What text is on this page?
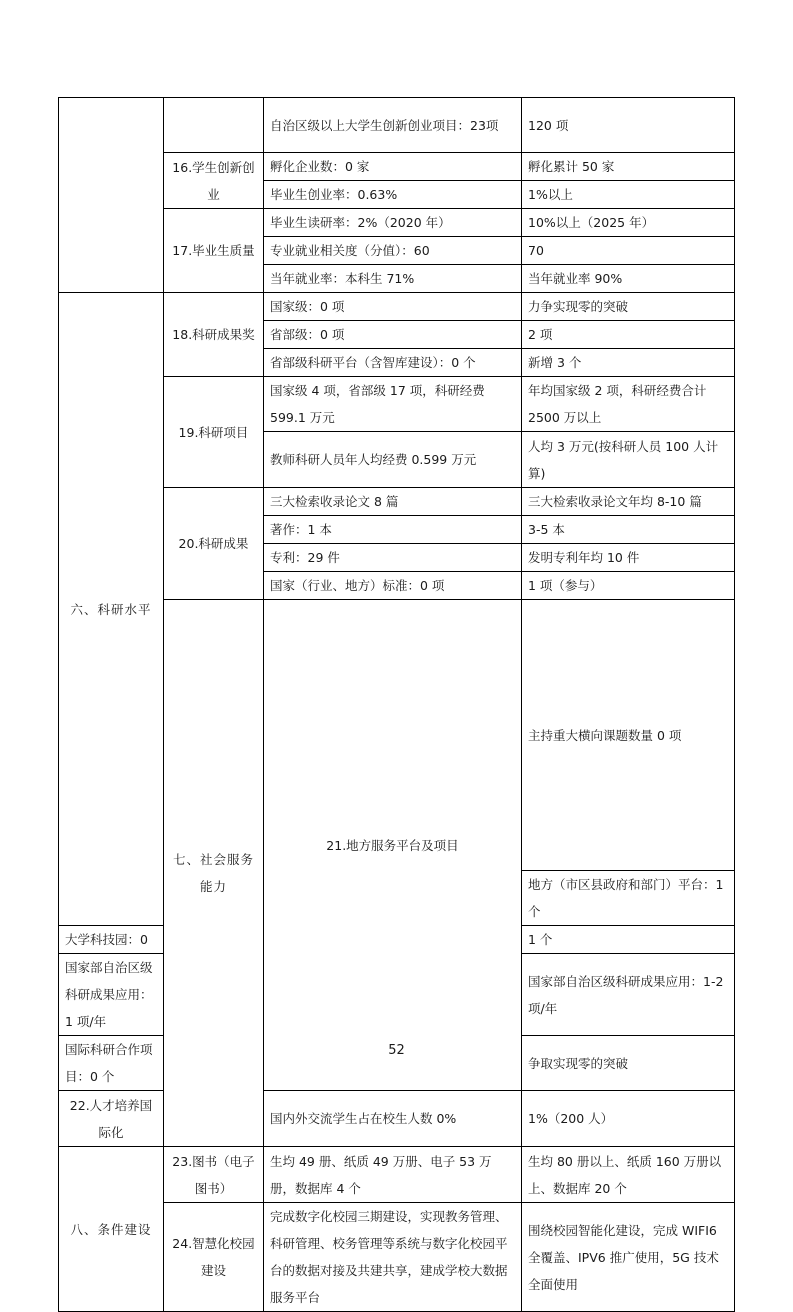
		自治区级以上大学生创新创业项目：23项	120 项	
	16.学生创新创业	孵化企业数：0 家	孵化累计 50 家	
		毕业生创业率：0.63%	1%以上	
	17.毕业生质量	毕业生读研率：2%（2020 年）	10%以上（2025 年）	
		专业就业相关度（分值）：60	70	
		当年就业率：本科生 71%	当年就业率 90%	
六、科研水平	18.科研成果奖	国家级：0 项	力争实现零的突破	
		省部级：0 项	2 项	
		省部级科研平台（含智库建设）：0 个	新增 3 个	
	19.科研项目	国家级 4 项，省部级 17 项，科研经费 599.1 万元	年均国家级 2 项，科研经费合计 2500 万以上	
		教师科研人员年人均经费 0.599 万元	人均 3 万元(按科研人员 100 人计算)	
	20.科研成果	三大检索收录论文 8 篇	三大检索收录论文年均 8-10 篇	
		著作：1 本	3-5 本	
		专利：29 件	发明专利年均 10 件	
		国家（行业、地方）标准：0 项	1 项（参与）	
	七、社会服务能力	21.地方服务平台及项目	主持重大横向课题数量 0 项	
			地方（市区县政府和部门）平台：1 个	
大学科技园：0			1 个	
国家部自治区级科研成果应用：1 项/年			国家部自治区级科研成果应用：1-2 项/年	
国际科研合作项目：0 个			争取实现零的突破	
22.人才培养国际化		国内外交流学生占在校生人数 0%	1%（200 人）	
八、条件建设	23.图书（电子图书）	生均 49 册、纸质 49 万册、电子 53 万册，数据库 4 个	生均 80 册以上、纸质 160 万册以上、数据库 20 个	
	24.智慧化校园建设	完成数字化校园三期建设，实现教务管理、科研管理、校务管理等系统与数字化校园平台的数据对接及共建共享，建成学校大数据服务平台	围绕校园智能化建设，完成 WIFI6 全覆盖、IPV6 推广使用，5G 技术全面使用	
52
